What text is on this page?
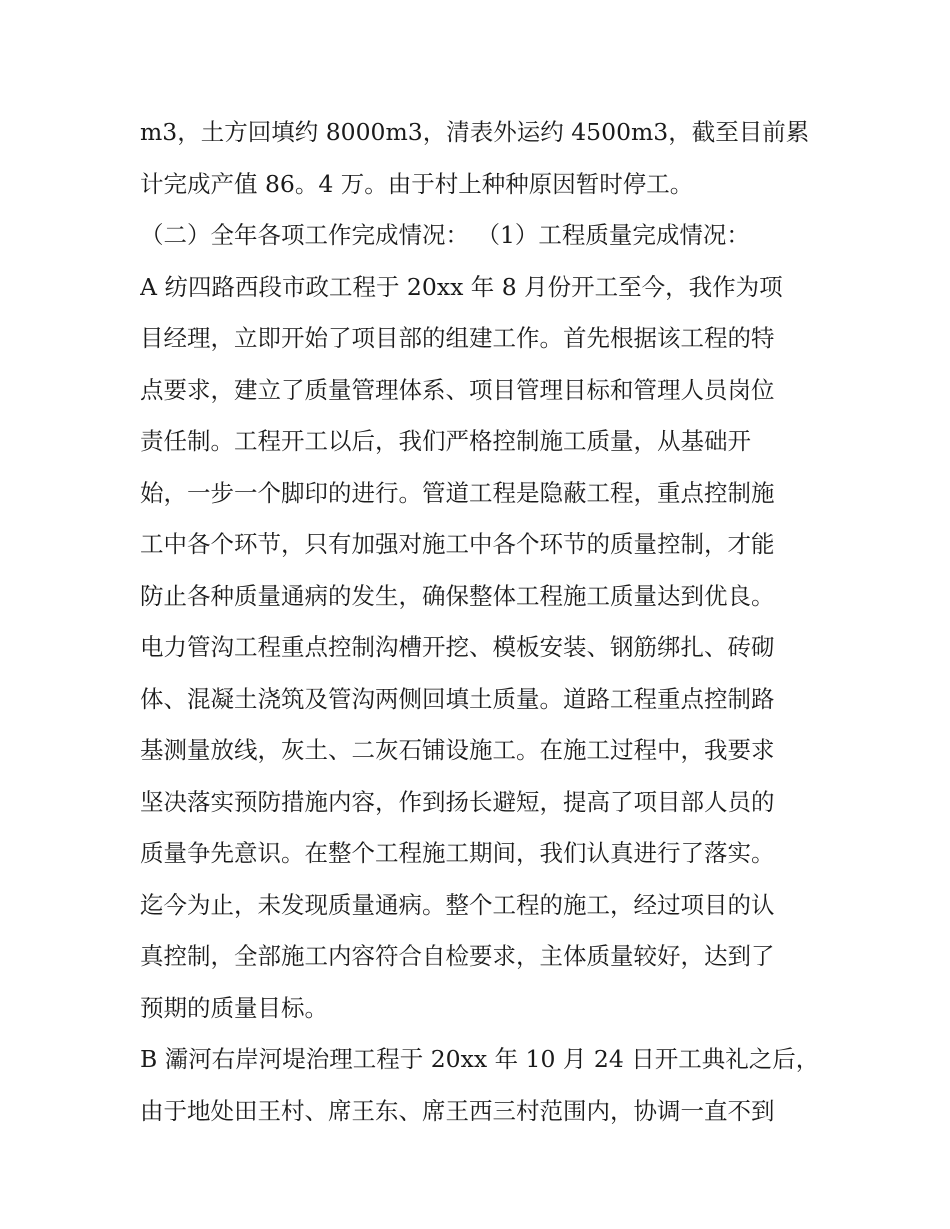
m3，土方回填约 8000m3，清表外运约 4500m3，截至目前累
计完成产值 86。4 万。由于村上种种原因暂时停工。
（二）全年各项工作完成情况： （1）工程质量完成情况：
A 纺四路西段市政工程于 20xx 年 8 月份开工至今，我作为项
目经理，立即开始了项目部的组建工作。首先根据该工程的特
点要求，建立了质量管理体系、项目管理目标和管理人员岗位
责任制。工程开工以后，我们严格控制施工质量，从基础开
始，一步一个脚印的进行。管道工程是隐蔽工程，重点控制施
工中各个环节，只有加强对施工中各个环节的质量控制，才能
防止各种质量通病的发生，确保整体工程施工质量达到优良。
电力管沟工程重点控制沟槽开挖、模板安装、钢筋绑扎、砖砌
体、混凝土浇筑及管沟两侧回填土质量。道路工程重点控制路
基测量放线，灰土、二灰石铺设施工。在施工过程中，我要求
坚决落实预防措施内容，作到扬长避短，提高了项目部人员的
质量争先意识。在整个工程施工期间，我们认真进行了落实。
迄今为止，未发现质量通病。整个工程的施工，经过项目的认
真控制，全部施工内容符合自检要求，主体质量较好，达到了
预期的质量目标。
B 灞河右岸河堤治理工程于 20xx 年 10 月 24 日开工典礼之后，
由于地处田王村、席王东、席王西三村范围内，协调一直不到
